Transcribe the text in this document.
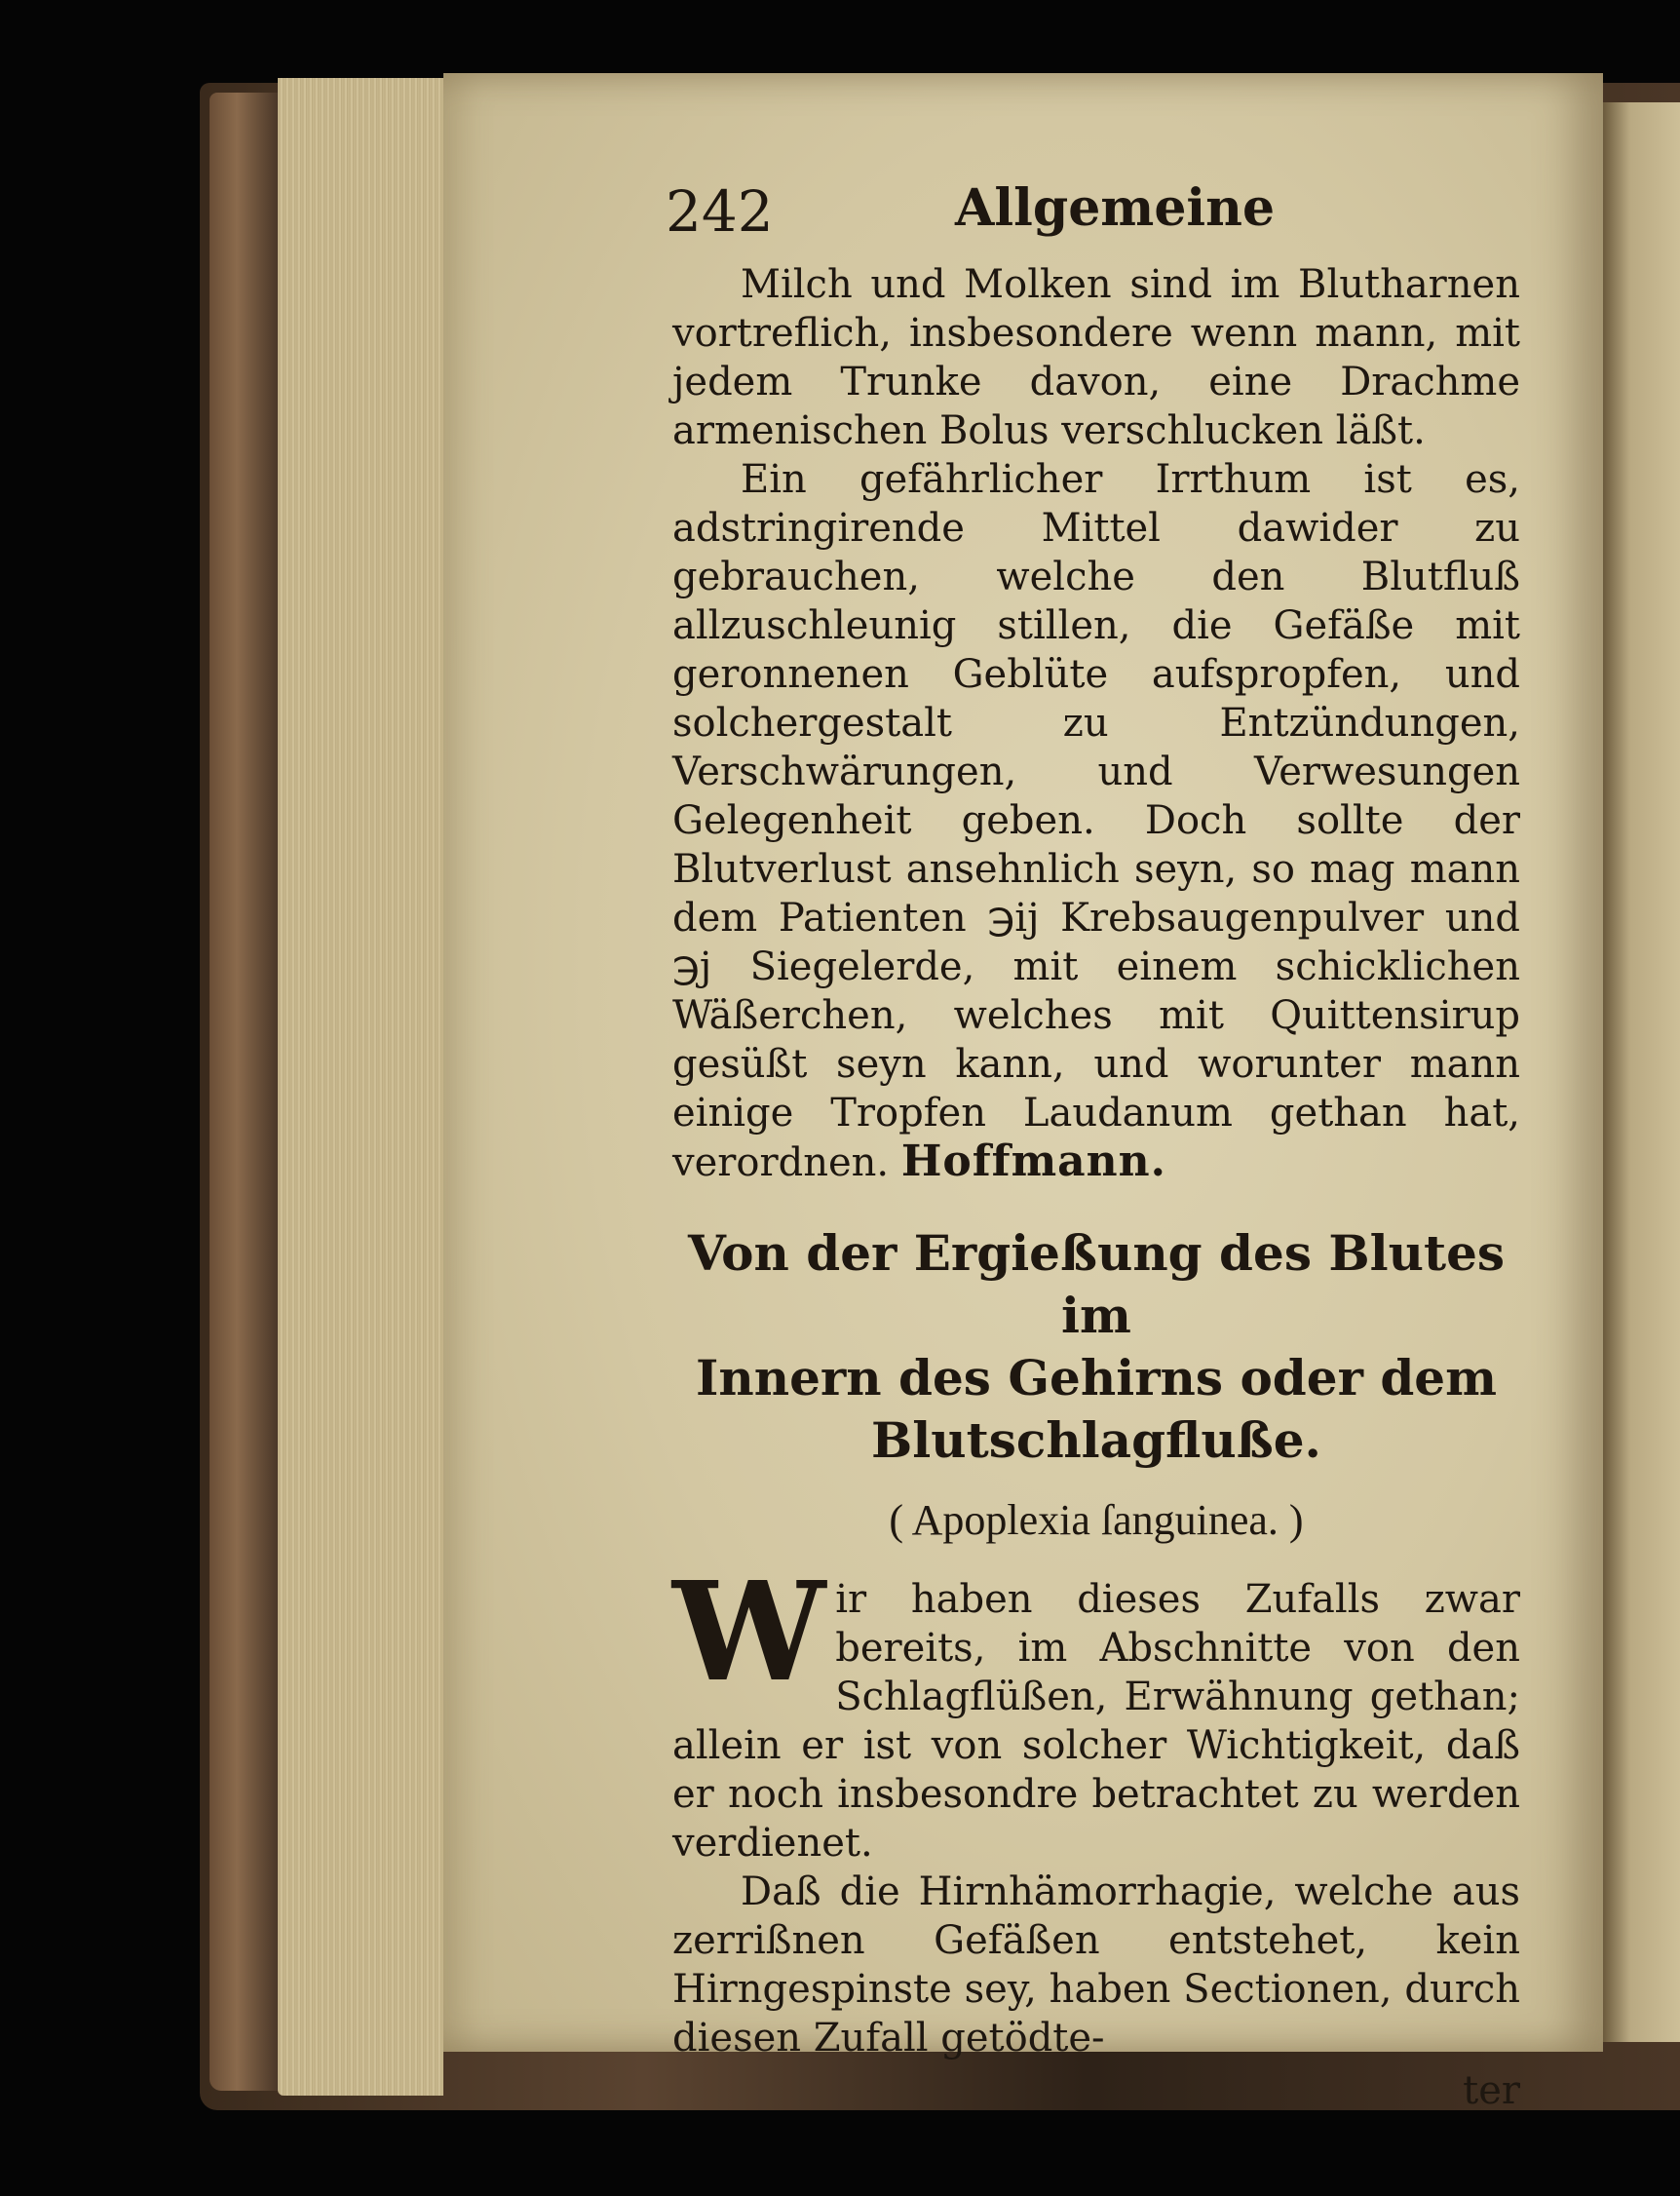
242	Allgemeine

Milch und Molken sind im Blutharnen vortreflich, insbesondere wenn mann, mit jedem Trunke davon, eine Drachme armenischen Bolus verschlucken läßt.

Ein gefährlicher Irrthum ist es, adstringirende Mittel dawider zu gebrauchen, welche den Blutfluß allzuschleunig stillen, die Gefäße mit geronnenen Geblüte aufspropfen, und solchergestalt zu Entzündungen, Verschwärungen, und Verwesungen Gelegenheit geben. Doch sollte der Blutverlust ansehnlich seyn, so mag mann dem Patienten ℈ij Krebsaugenpulver und ℈j Siegelerde, mit einem schicklichen Wäßerchen, welches mit Quittensirup gesüßt seyn kann, und worunter mann einige Tropfen Laudanum gethan hat, verordnen. Hoffmann.

Von der Ergießung des Blutes im
Innern des Gehirns oder dem
Blutschlagfluße.
( Apoplexia ſanguinea. )

Wir haben dieses Zufalls zwar bereits, im Abschnitte von den Schlagflüßen, Erwähnung gethan; allein er ist von solcher Wichtigkeit, daß er noch insbesondre betrachtet zu werden verdienet.

Daß die Hirnhämorrhagie, welche aus zerrißnen Gefäßen entstehet, kein Hirngespinste sey, haben Sectionen, durch diesen Zufall getödte-

ter
